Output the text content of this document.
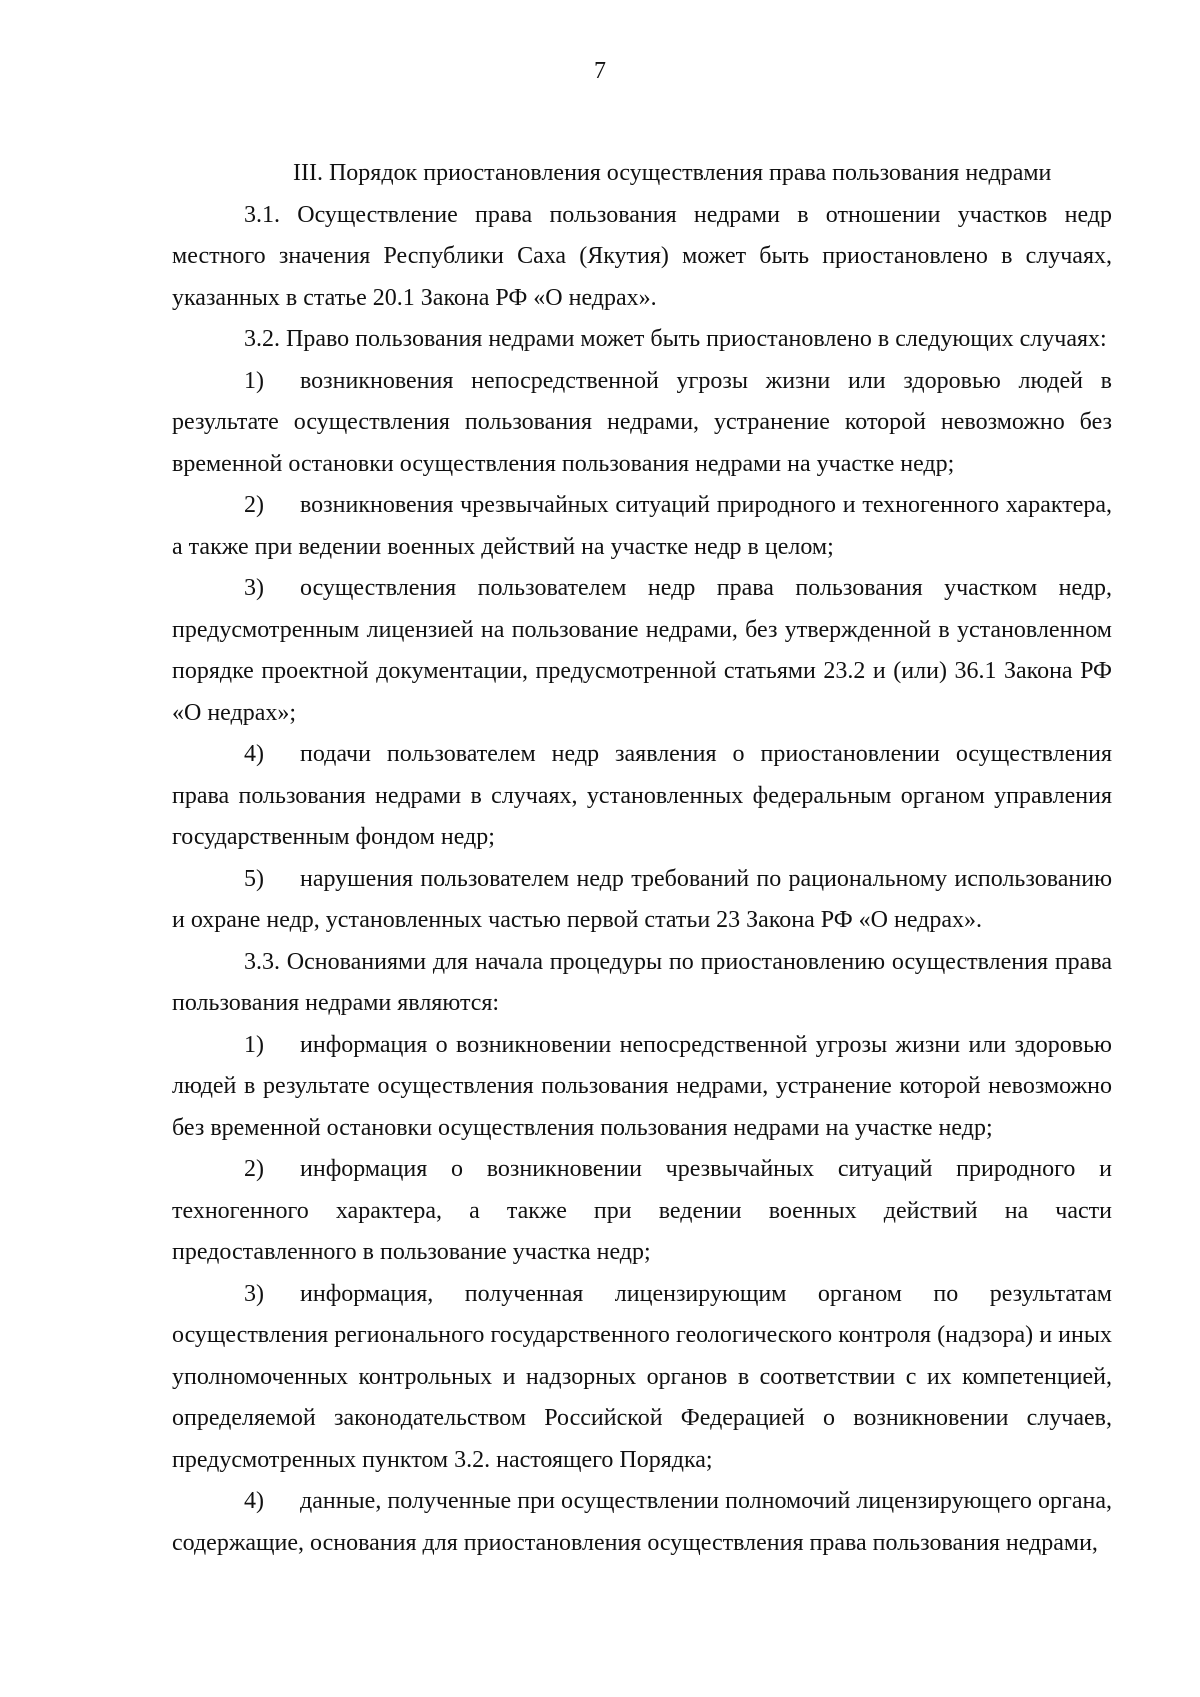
7

III. Порядок приостановления осуществления права пользования недрами

3.1. Осуществление права пользования недрами в отношении участков недр местного значения Республики Саха (Якутия) может быть приостановлено в случаях, указанных в статье 20.1 Закона РФ «О недрах».

3.2. Право пользования недрами может быть приостановлено в следующих случаях:

1) возникновения непосредственной угрозы жизни или здоровью людей в результате осуществления пользования недрами, устранение которой невозможно без временной остановки осуществления пользования недрами на участке недр;

2) возникновения чрезвычайных ситуаций природного и техногенного характера, а также при ведении военных действий на участке недр в целом;

3) осуществления пользователем недр права пользования участком недр, предусмотренным лицензией на пользование недрами, без утвержденной в установленном порядке проектной документации, предусмотренной статьями 23.2 и (или) 36.1 Закона РФ «О недрах»;

4) подачи пользователем недр заявления о приостановлении осуществления права пользования недрами в случаях, установленных федеральным органом управления государственным фондом недр;

5) нарушения пользователем недр требований по рациональному использованию и охране недр, установленных частью первой статьи 23 Закона РФ «О недрах».

3.3. Основаниями для начала процедуры по приостановлению осуществления права пользования недрами являются:

1) информация о возникновении непосредственной угрозы жизни или здоровью людей в результате осуществления пользования недрами, устранение которой невозможно без временной остановки осуществления пользования недрами на участке недр;

2) информация о возникновении чрезвычайных ситуаций природного и техногенного характера, а также при ведении военных действий на части предоставленного в пользование участка недр;

3) информация, полученная лицензирующим органом по результатам осуществления регионального государственного геологического контроля (надзора) и иных уполномоченных контрольных и надзорных органов в соответствии с их компетенцией, определяемой законодательством Российской Федерацией о возникновении случаев, предусмотренных пунктом 3.2. настоящего Порядка;

4) данные, полученные при осуществлении полномочий лицензирующего органа, содержащие, основания для приостановления осуществления права пользования недрами,
